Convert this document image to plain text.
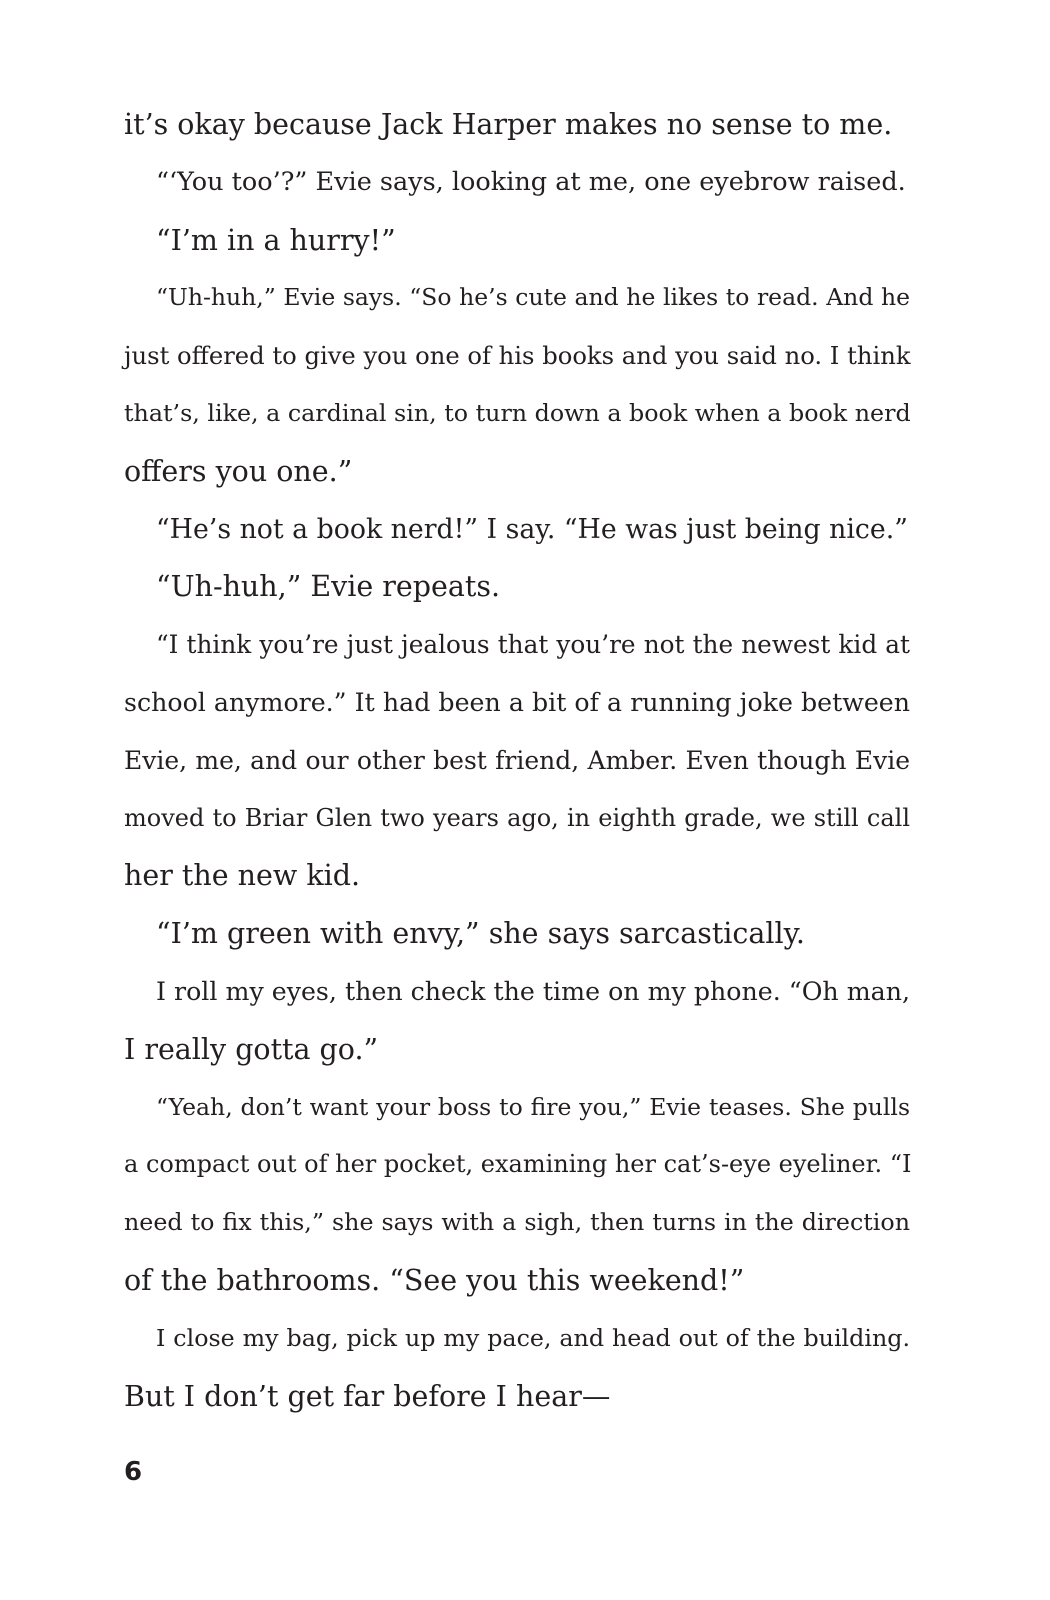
it’s okay because Jack Harper makes no sense to me.
“‘You too’?” Evie says, looking at me, one eyebrow raised.
“I’m in a hurry!”
“Uh-huh,” Evie says. “So he’s cute and he likes to read. And he
just offered to give you one of his books and you said no. I think
that’s, like, a cardinal sin, to turn down a book when a book nerd
offers you one.”
“He’s not a book nerd!” I say. “He was just being nice.”
“Uh-huh,” Evie repeats.
“I think you’re just jealous that you’re not the newest kid at
school anymore.” It had been a bit of a running joke between
Evie, me, and our other best friend, Amber. Even though Evie
moved to Briar Glen two years ago, in eighth grade, we still call
her the new kid.
“I’m green with envy,” she says sarcastically.
I roll my eyes, then check the time on my phone. “Oh man,
I really gotta go.”
“Yeah, don’t want your boss to fire you,” Evie teases. She pulls
a compact out of her pocket, examining her cat’s-eye eyeliner. “I
need to fix this,” she says with a sigh, then turns in the direction
of the bathrooms. “See you this weekend!”
I close my bag, pick up my pace, and head out of the building.
But I don’t get far before I hear—
6
